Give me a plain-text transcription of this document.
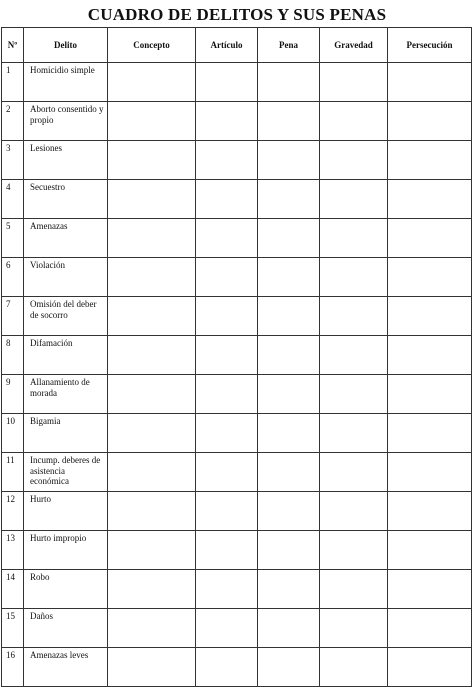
CUADRO DE DELITOS Y SUS PENAS
Nº	Delito	Concepto	Artículo	Pena	Gravedad	Persecución
1	Homicidio simple					
2	Aborto consentido y propio					
3	Lesiones					
4	Secuestro					
5	Amenazas					
6	Violación					
7	Omisión del deber de socorro					
8	Difamación					
9	Allanamiento de morada					
10	Bigamia					
11	Incump. deberes de asistencia económica					
12	Hurto					
13	Hurto impropio					
14	Robo					
15	Daños					
16	Amenazas leves					
